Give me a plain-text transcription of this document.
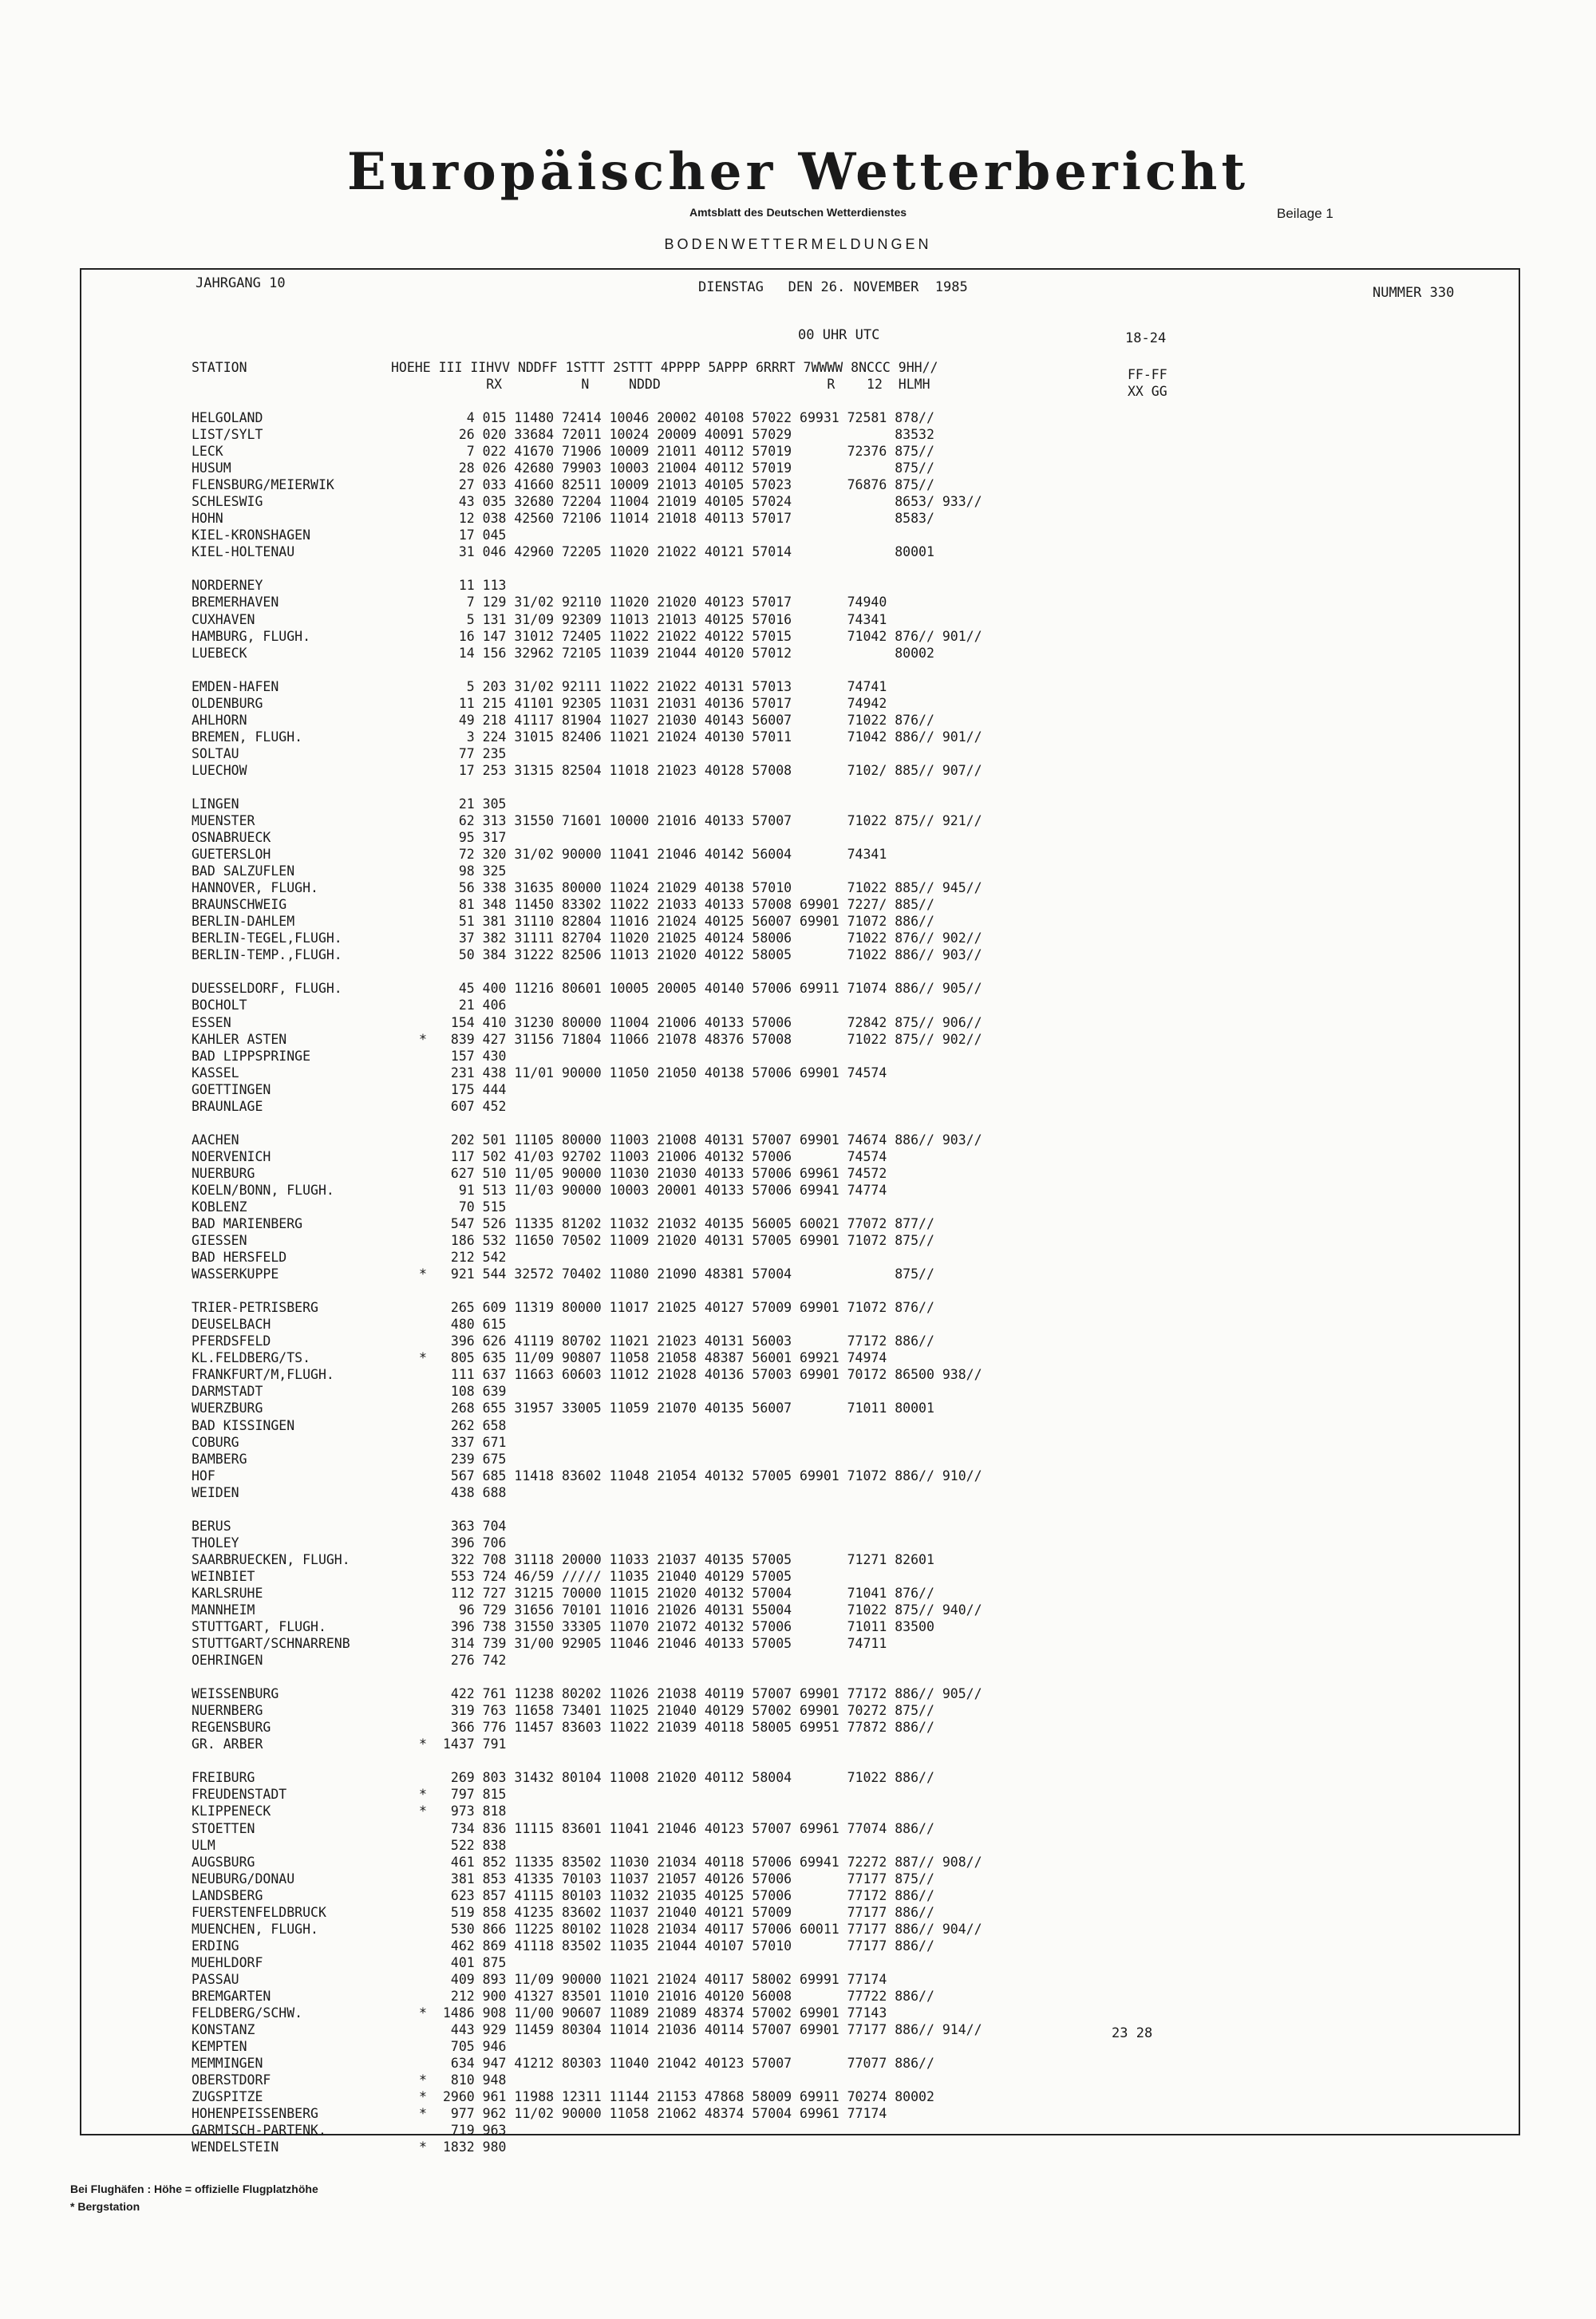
Europäischer Wetterbericht
Amtsblatt des Deutschen Wetterdienstes	Beilage 1
BODENWETTERMELDUNGEN
JAHRGANG 10	DIENSTAG   DEN 26. NOVEMBER  1985	NUMMER 330
00 UHR UTC	18-24
STATION	HOEHE III IIHVV NDDFF 1STTT 2STTT 4PPPP 5APPP 6RRRT 7WWWW 8NCCC 9HH//
RX          N     NDDD                     R    12  HLMH
FF-FF
XX GG
HELGOLAND	4 015 11480 72414 10046 20002 40108 57022 69931 72581 878//
LIST/SYLT	26 020 33684 72011 10024 20009 40091 57029             83532
LECK	7 022 41670 71906 10009 21011 40112 57019       72376 875//
HUSUM	28 026 42680 79903 10003 21004 40112 57019             875//
FLENSBURG/MEIERWIK	27 033 41660 82511 10009 21013 40105 57023       76876 875//
SCHLESWIG	43 035 32680 72204 11004 21019 40105 57024             8653/ 933//
HOHN	12 038 42560 72106 11014 21018 40113 57017             8583/
KIEL-KRONSHAGEN	17 045
KIEL-HOLTENAU	31 046 42960 72205 11020 21022 40121 57014             80001
NORDERNEY	11 113
BREMERHAVEN	7 129 31/02 92110 11020 21020 40123 57017       74940
CUXHAVEN	5 131 31/09 92309 11013 21013 40125 57016       74341
HAMBURG, FLUGH.	16 147 31012 72405 11022 21022 40122 57015       71042 876// 901//
LUEBECK	14 156 32962 72105 11039 21044 40120 57012             80002
EMDEN-HAFEN	5 203 31/02 92111 11022 21022 40131 57013       74741
OLDENBURG	11 215 41101 92305 11031 21031 40136 57017       74942
AHLHORN	49 218 41117 81904 11027 21030 40143 56007       71022 876//
BREMEN, FLUGH.	3 224 31015 82406 11021 21024 40130 57011       71042 886// 901//
SOLTAU	77 235
LUECHOW	17 253 31315 82504 11018 21023 40128 57008       7102/ 885// 907//
LINGEN	21 305
MUENSTER	62 313 31550 71601 10000 21016 40133 57007       71022 875// 921//
OSNABRUECK	95 317
GUETERSLOH	72 320 31/02 90000 11041 21046 40142 56004       74341
BAD SALZUFLEN	98 325
HANNOVER, FLUGH.	56 338 31635 80000 11024 21029 40138 57010       71022 885// 945//
BRAUNSCHWEIG	81 348 11450 83302 11022 21033 40133 57008 69901 7227/ 885//
BERLIN-DAHLEM	51 381 31110 82804 11016 21024 40125 56007 69901 71072 886//
BERLIN-TEGEL,FLUGH.	37 382 31111 82704 11020 21025 40124 58006       71022 876// 902//
BERLIN-TEMP.,FLUGH.	50 384 31222 82506 11013 21020 40122 58005       71022 886// 903//
DUESSELDORF, FLUGH.	45 400 11216 80601 10005 20005 40140 57006 69911 71074 886// 905//
BOCHOLT	21 406
ESSEN	154 410 31230 80000 11004 21006 40133 57006       72842 875// 906//
KAHLER ASTEN	*	839 427 31156 71804 11066 21078 48376 57008       71022 875// 902//
BAD LIPPSPRINGE	157 430
KASSEL	231 438 11/01 90000 11050 21050 40138 57006 69901 74574
GOETTINGEN	175 444
BRAUNLAGE	607 452
AACHEN	202 501 11105 80000 11003 21008 40131 57007 69901 74674 886// 903//
NOERVENICH	117 502 41/03 92702 11003 21006 40132 57006       74574
NUERBURG	627 510 11/05 90000 11030 21030 40133 57006 69961 74572
KOELN/BONN, FLUGH.	91 513 11/03 90000 10003 20001 40133 57006 69941 74774
KOBLENZ	70 515
BAD MARIENBERG	547 526 11335 81202 11032 21032 40135 56005 60021 77072 877//
GIESSEN	186 532 11650 70502 11009 21020 40131 57005 69901 71072 875//
BAD HERSFELD	212 542
WASSERKUPPE	*	921 544 32572 70402 11080 21090 48381 57004             875//
TRIER-PETRISBERG	265 609 11319 80000 11017 21025 40127 57009 69901 71072 876//
DEUSELBACH	480 615
PFERDSFELD	396 626 41119 80702 11021 21023 40131 56003       77172 886//
KL.FELDBERG/TS.	*	805 635 11/09 90807 11058 21058 48387 56001 69921 74974
FRANKFURT/M,FLUGH.	111 637 11663 60603 11012 21028 40136 57003 69901 70172 86500 938//
DARMSTADT	108 639
WUERZBURG	268 655 31957 33005 11059 21070 40135 56007       71011 80001
BAD KISSINGEN	262 658
COBURG	337 671
BAMBERG	239 675
HOF	567 685 11418 83602 11048 21054 40132 57005 69901 71072 886// 910//
WEIDEN	438 688
BERUS	363 704
THOLEY	396 706
SAARBRUECKEN, FLUGH.	322 708 31118 20000 11033 21037 40135 57005       71271 82601
WEINBIET	553 724 46/59 ///// 11035 21040 40129 57005
KARLSRUHE	112 727 31215 70000 11015 21020 40132 57004       71041 876//
MANNHEIM	96 729 31656 70101 11016 21026 40131 55004       71022 875// 940//
STUTTGART, FLUGH.	396 738 31550 33305 11070 21072 40132 57006       71011 83500
STUTTGART/SCHNARRENB	314 739 31/00 92905 11046 21046 40133 57005       74711
OEHRINGEN	276 742
WEISSENBURG	422 761 11238 80202 11026 21038 40119 57007 69901 77172 886// 905//
NUERNBERG	319 763 11658 73401 11025 21040 40129 57002 69901 70272 875//
REGENSBURG	366 776 11457 83603 11022 21039 40118 58005 69951 77872 886//
GR. ARBER	*	1437 791
FREIBURG	269 803 31432 80104 11008 21020 40112 58004       71022 886//
FREUDENSTADT	*	797 815
KLIPPENECK	*	973 818
STOETTEN	734 836 11115 83601 11041 21046 40123 57007 69961 77074 886//
ULM	522 838
AUGSBURG	461 852 11335 83502 11030 21034 40118 57006 69941 72272 887// 908//
NEUBURG/DONAU	381 853 41335 70103 11037 21057 40126 57006       77177 875//
LANDSBERG	623 857 41115 80103 11032 21035 40125 57006       77172 886//
FUERSTENFELDBRUCK	519 858 41235 83602 11037 21040 40121 57009       77177 886//
MUENCHEN, FLUGH.	530 866 11225 80102 11028 21034 40117 57006 60011 77177 886// 904//
ERDING	462 869 41118 83502 11035 21044 40107 57010       77177 886//
MUEHLDORF	401 875
PASSAU	409 893 11/09 90000 11021 21024 40117 58002 69991 77174
BREMGARTEN	212 900 41327 83501 11010 21016 40120 56008       77722 886//
FELDBERG/SCHW.	*	1486 908 11/00 90607 11089 21089 48374 57002 69901 77143
KONSTANZ	443 929 11459 80304 11014 21036 40114 57007 69901 77177 886// 914//
KEMPTEN	705 946
MEMMINGEN	634 947 41212 80303 11040 21042 40123 57007       77077 886//
OBERSTDORF	*	810 948
ZUGSPITZE	*	2960 961 11988 12311 11144 21153 47868 58009 69911 70274 80002
HOHENPEISSENBERG	*	977 962 11/02 90000 11058 21062 48374 57004 69961 77174
GARMISCH-PARTENK.	719 963
WENDELSTEIN	*	1832 980
23 28
Bei Flughäfen : Höhe = offizielle Flugplatzhöhe
* Bergstation
